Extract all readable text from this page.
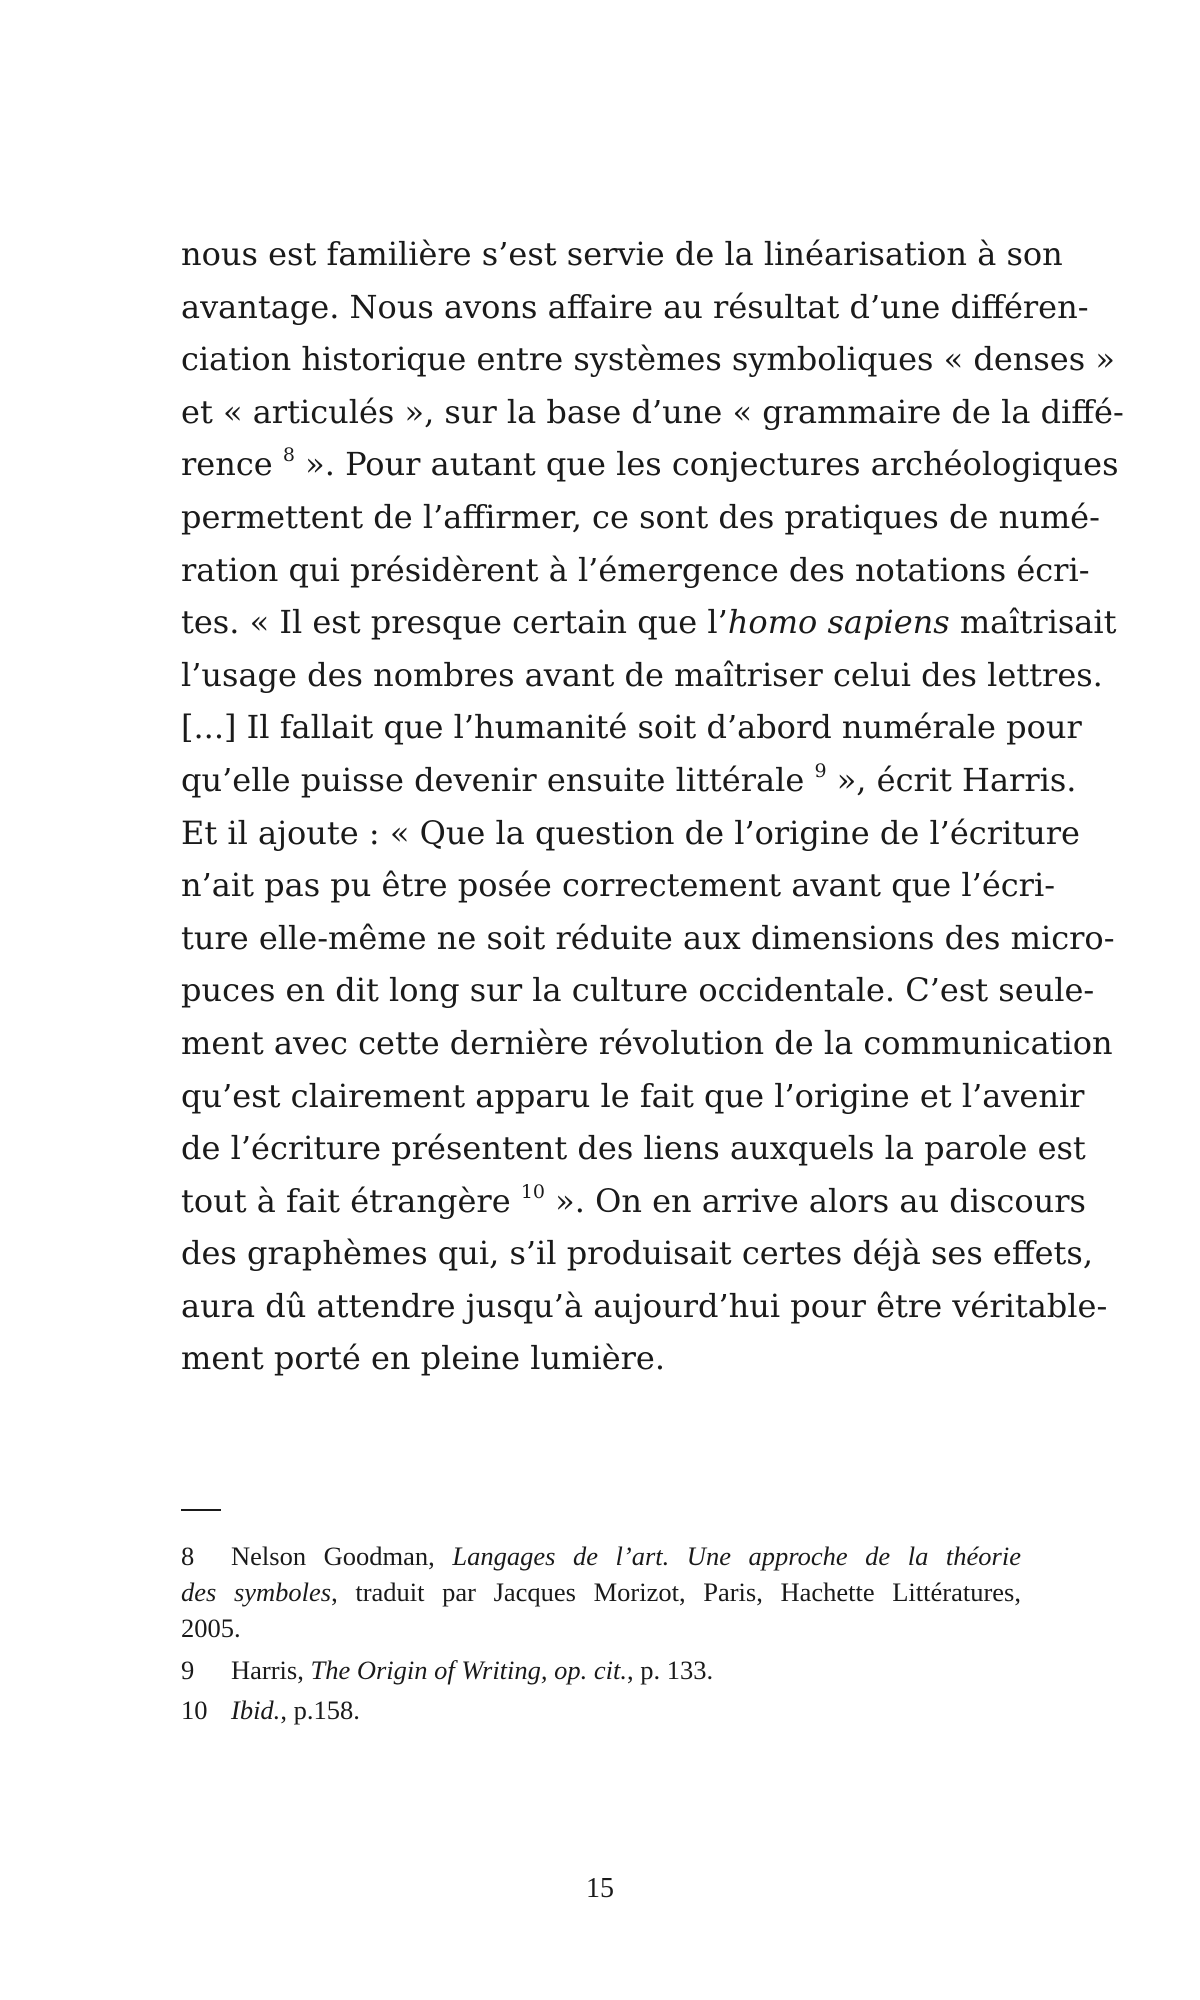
nous est familière s’est servie de la linéarisation à son
avantage. Nous avons affaire au résultat d’une différen-
ciation historique entre systèmes symboliques « denses »
et « articulés », sur la base d’une « grammaire de la diffé-
rence $^8$ ». Pour autant que les conjectures archéologiques
permettent de l’affirmer, ce sont des pratiques de numé-
ration qui présidèrent à l’émergence des notations écri-
tes. « Il est presque certain que l’homo sapiens maîtrisait
l’usage des nombres avant de maîtriser celui des lettres.
[...] Il fallait que l’humanité soit d’abord numérale pour
qu’elle puisse devenir ensuite littérale $^9$ », écrit Harris.
Et il ajoute : « Que la question de l’origine de l’écriture
n’ait pas pu être posée correctement avant que l’écri-
ture elle-même ne soit réduite aux dimensions des micro-
puces en dit long sur la culture occidentale. C’est seule-
ment avec cette dernière révolution de la communication
qu’est clairement apparu le fait que l’origine et l’avenir
de l’écriture présentent des liens auxquels la parole est
tout à fait étrangère $^{10}$ ». On en arrive alors au discours
des graphèmes qui, s’il produisait certes déjà ses effets,
aura dû attendre jusqu’à aujourd’hui pour être véritable-
ment porté en pleine lumière.
8 Nelson Goodman, Langages de l’art. Une approche de la théorie
des symboles, traduit par Jacques Morizot, Paris, Hachette Littératures,
2005.
9 Harris, The Origin of Writing, op. cit., p. 133.
10 Ibid., p.158.
15
